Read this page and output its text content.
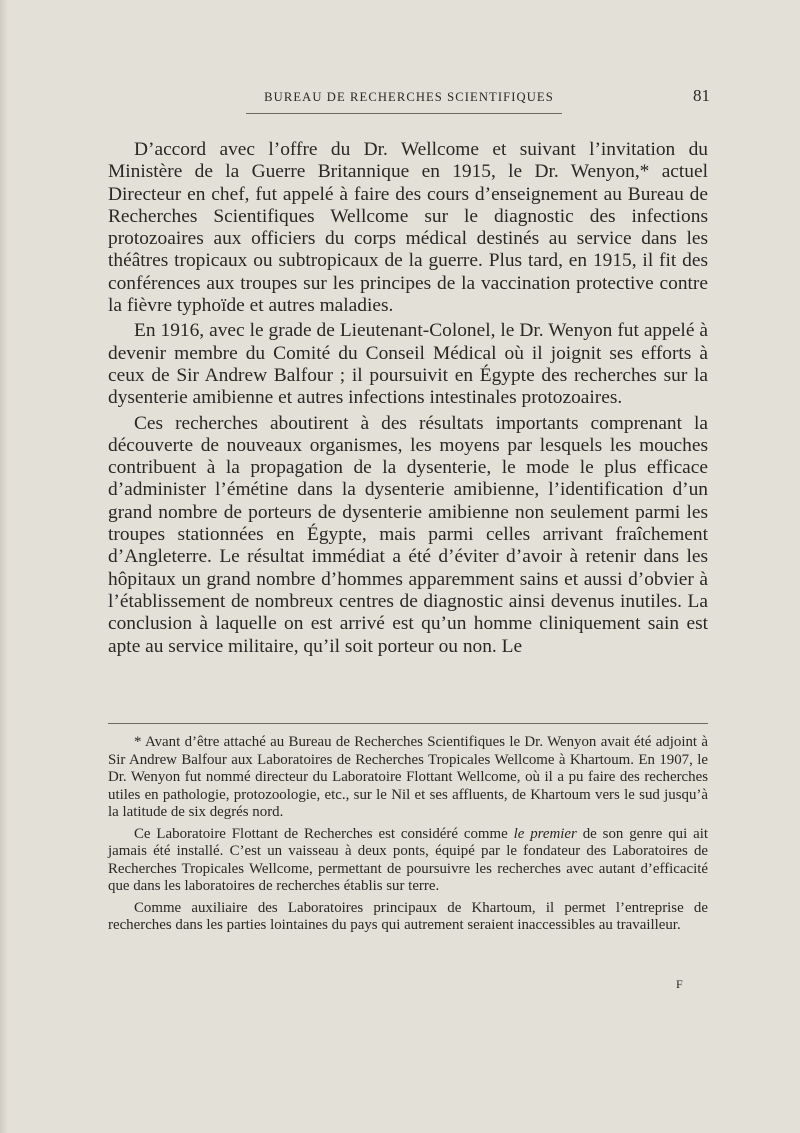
BUREAU DE RECHERCHES SCIENTIFIQUES	81

D’accord avec l’offre du Dr. Wellcome et suivant l’invitation du Ministère de la Guerre Britannique en 1915, le Dr. Wenyon,* actuel Directeur en chef, fut appelé à faire des cours d’enseignement au Bureau de Recherches Scientifiques Wellcome sur le diagnostic des infections protozoaires aux officiers du corps médical destinés au service dans les théâtres tropicaux ou subtropicaux de la guerre. Plus tard, en 1915, il fit des conférences aux troupes sur les principes de la vaccination protective contre la fièvre typhoïde et autres maladies.

En 1916, avec le grade de Lieutenant-Colonel, le Dr. Wenyon fut appelé à devenir membre du Comité du Conseil Médical où il joignit ses efforts à ceux de Sir Andrew Balfour ; il poursuivit en Égypte des recherches sur la dysenterie amibienne et autres infections intestinales protozoaires.

Ces recherches aboutirent à des résultats importants comprenant la découverte de nouveaux organismes, les moyens par lesquels les mouches contribuent à la propagation de la dysenterie, le mode le plus efficace d’administer l’émétine dans la dysenterie amibienne, l’identification d’un grand nombre de porteurs de dysenterie amibienne non seulement parmi les troupes stationnées en Égypte, mais parmi celles arrivant fraîchement d’Angleterre. Le résultat immédiat a été d’éviter d’avoir à retenir dans les hôpitaux un grand nombre d’hommes apparemment sains et aussi d’obvier à l’établissement de nombreux centres de diagnostic ainsi devenus inutiles. La conclusion à laquelle on est arrivé est qu’un homme cliniquement sain est apte au service militaire, qu’il soit porteur ou non. Le

* Avant d’être attaché au Bureau de Recherches Scientifiques le Dr. Wenyon avait été adjoint à Sir Andrew Balfour aux Laboratoires de Recherches Tropicales Wellcome à Khartoum. En 1907, le Dr. Wenyon fut nommé directeur du Laboratoire Flottant Wellcome, où il a pu faire des recherches utiles en pathologie, protozoologie, etc., sur le Nil et ses affluents, de Khartoum vers le sud jusqu’à la latitude de six degrés nord.

Ce Laboratoire Flottant de Recherches est considéré comme le premier de son genre qui ait jamais été installé. C’est un vaisseau à deux ponts, équipé par le fondateur des Laboratoires de Recherches Tropicales Wellcome, permettant de poursuivre les recherches avec autant d’efficacité que dans les laboratoires de recherches établis sur terre.

Comme auxiliaire des Laboratoires principaux de Khartoum, il permet l’entreprise de recherches dans les parties lointaines du pays qui autrement seraient inaccessibles au travailleur.

F
